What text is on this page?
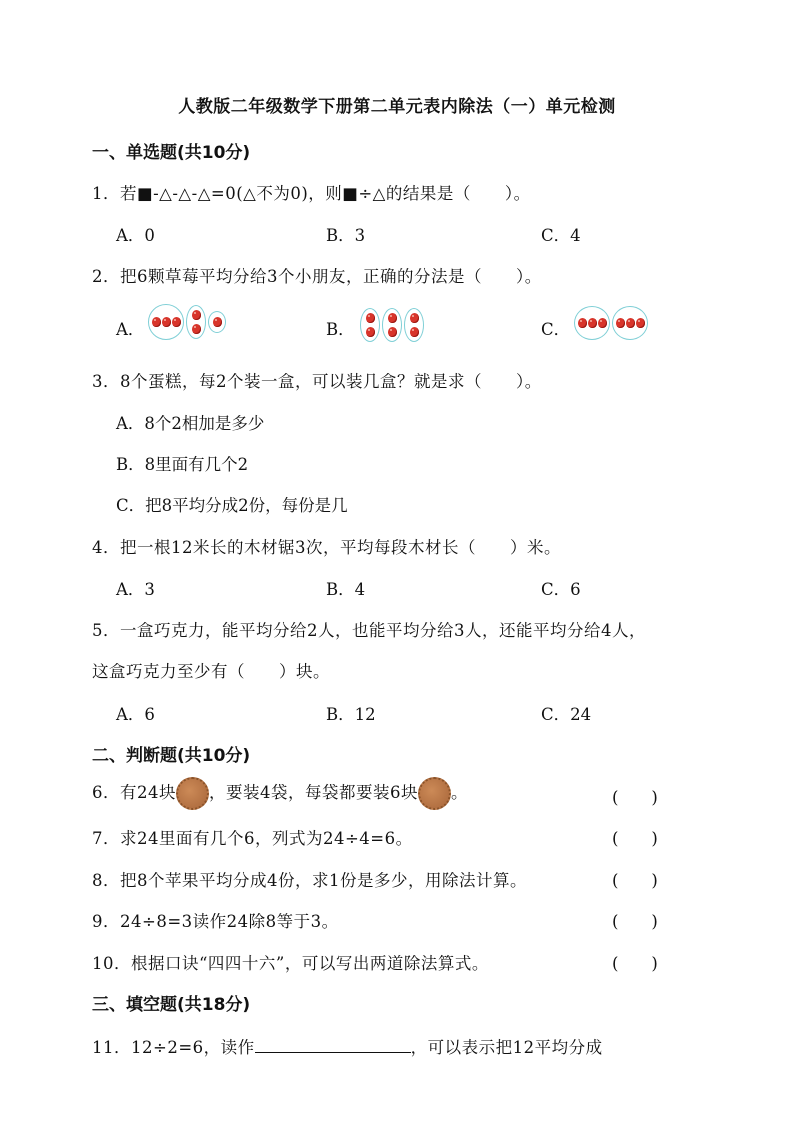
人教版二年级数学下册第二单元表内除法（一）单元检测
一、单选题(共10分)
1．若■-△-△-△=0(△不为0)，则■÷△的结果是（　　）。
A．0	B．3	C．4
2．把6颗草莓平均分给3个小朋友，正确的分法是（　　）。
A．	B．	C．
3．8个蛋糕，每2个装一盒，可以装几盒？就是求（　　）。
A．8个2相加是多少
B．8里面有几个2
C．把8平均分成2份，每份是几
4．把一根12米长的木材锯3次，平均每段木材长（　　）米。
A．3	B．4	C．6
5．一盒巧克力，能平均分给2人，也能平均分给3人，还能平均分给4人，
这盒巧克力至少有（　　）块。
A．6	B．12	C．24
二、判断题(共10分)
6．有24块 ，要装4袋，每袋都要装6块 。	(　　)
7．求24里面有几个6，列式为24÷4=6。	(　　)
8．把8个苹果平均分成4份，求1份是多少，用除法计算。	(　　)
9．24÷8=3读作24除8等于3。	(　　)
10．根据口诀“四四十六”，可以写出两道除法算式。	(　　)
三、填空题(共18分)
11．12÷2=6，读作	，可以表示把12平均分成
